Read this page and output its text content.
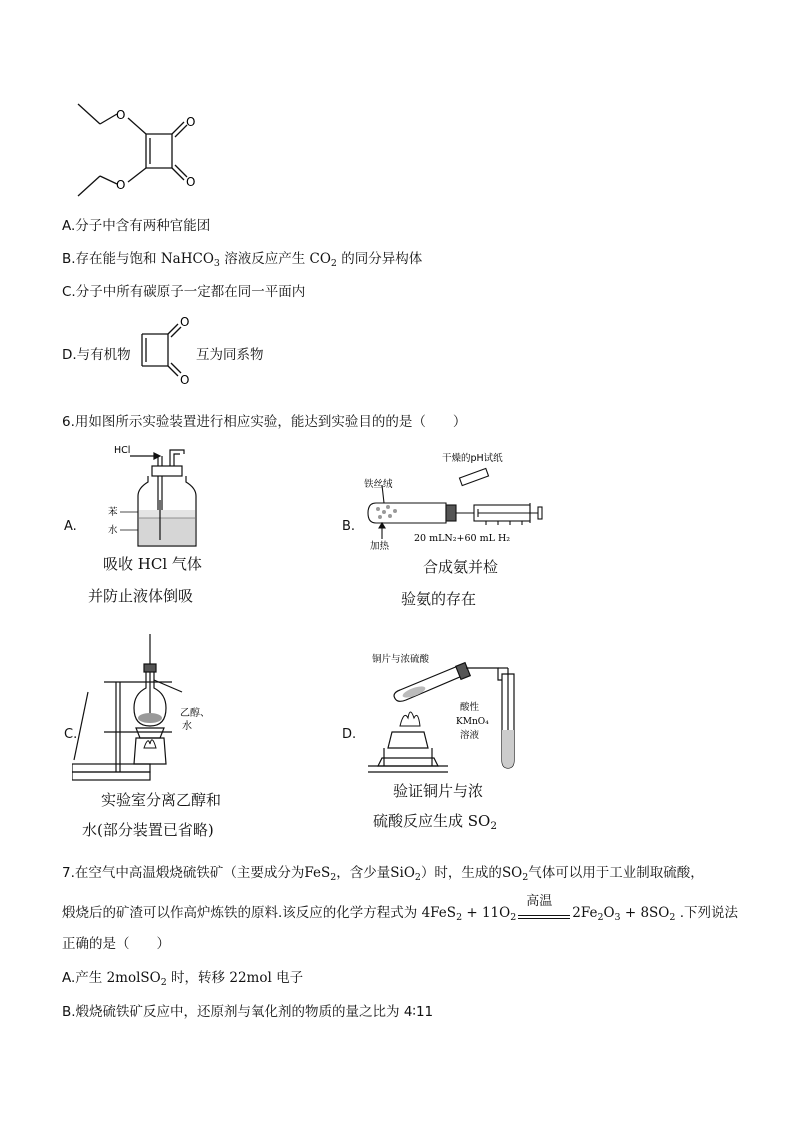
O
O
O
O
A.分子中含有两种官能团
B.存在能与饱和 NaHCO$_3$ 溶液反应产生 $CO_2$ 的同分异构体
C.分子中所有碳原子一定都在同一平面内
D.与有机物
O
O
互为同系物
6.用如图所示实验装置进行相应实验，能达到实验目的的是（　　）
A.
HCl
苯
水
吸收 HCl 气体
并防止液体倒吸
B.
干燥的pH试纸
铁丝绒
加热
20 mLN₂+60 mL H₂
合成氨并检
验氨的存在
C.
乙醇、
水
实验室分离乙醇和
水(部分装置已省略)
D.
铜片与浓硫酸
酸性
KMnO₄
溶液
验证铜片与浓
硫酸反应生成 $SO_2$
7.在空气中高温煅烧硫铁矿（主要成分为FeS$_2$，含少量SiO$_2$）时，生成的$SO_2$气体可以用于工业制取硫酸，
煅烧后的矿渣可以作高炉炼铁的原料.该反应的化学方程式为 $4FeS_2 + 11O_2$
高温
$2Fe_2O_3 + 8SO_2$ .下列说法
正确的是（　　）
A.产生 2molSO$_2$ 时，转移 22mol 电子
B.煅烧硫铁矿反应中，还原剂与氧化剂的物质的量之比为 4∶11
